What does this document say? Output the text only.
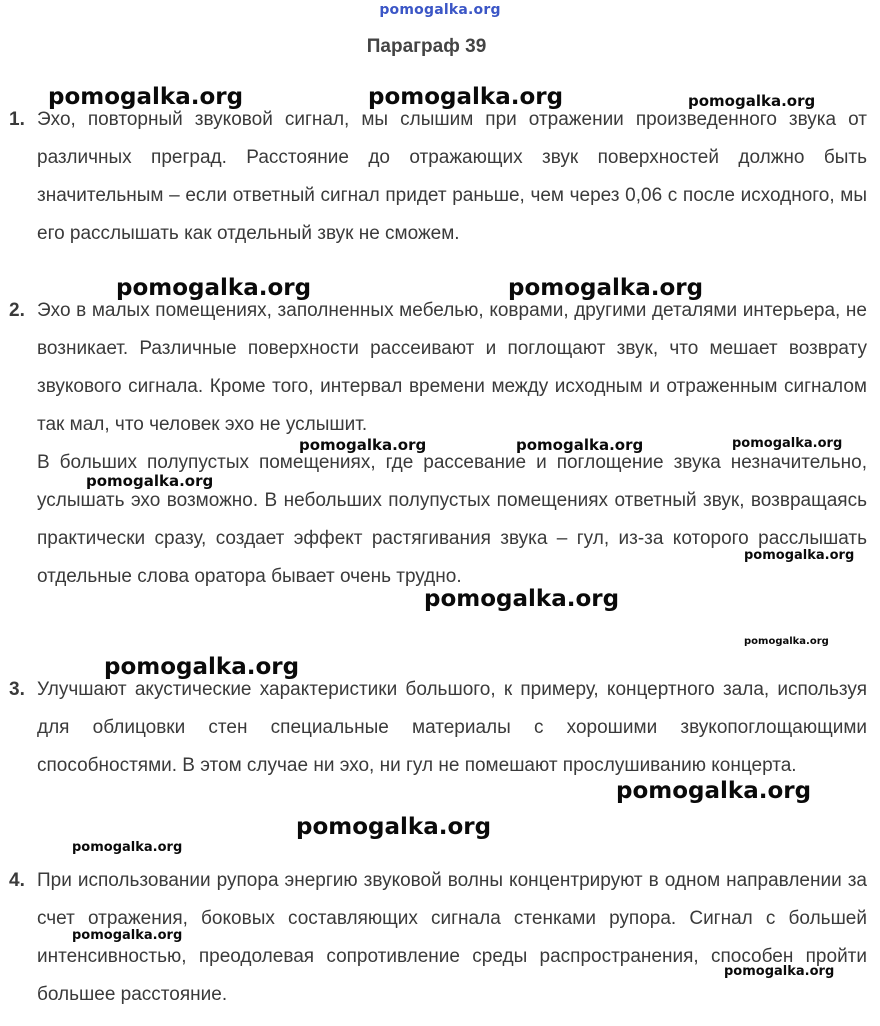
pomogalka.org
Параграф 39
1. Эхо, повторный звуковой сигнал, мы слышим при отражении произведенного звука от различных преград. Расстояние до отражающих звук поверхностей должно быть значительным – если ответный сигнал придет раньше, чем через 0,06 с после исходного, мы его расслышать как отдельный звук не сможем.

2. Эхо в малых помещениях, заполненных мебелью, коврами, другими деталями интерьера, не возникает. Различные поверхности рассеивают и поглощают звук, что мешает возврату звукового сигнала. Кроме того, интервал времени между исходным и отраженным сигналом так мал, что человек эхо не услышит.

В больших полупустых помещениях, где рассевание и поглощение звука незначительно, услышать эхо возможно. В небольших полупустых помещениях ответный звук, возвращаясь практически сразу, создает эффект растягивания звука – гул, из-за которого расслышать отдельные слова оратора бывает очень трудно.

3. Улучшают акустические характеристики большого, к примеру, концертного зала, используя для облицовки стен специальные материалы с хорошими звукопоглощающими способностями. В этом случае ни эхо, ни гул не помешают прослушиванию концерта.

4. При использовании рупора энергию звуковой волны концентрируют в одном направлении за счет отражения, боковых составляющих сигнала стенками рупора. Сигнал с большей интенсивностью, преодолевая сопротивление среды распространения, способен пройти большее расстояние.

pomogalka.org	pomogalka.org	pomogalka.org
pomogalka.org	pomogalka.org
pomogalka.org	pomogalka.org	pomogalka.org
pomogalka.org
pomogalka.org
pomogalka.org
pomogalka.org
pomogalka.org
pomogalka.org
pomogalka.org
pomogalka.org
pomogalka.org
pomogalka.org
